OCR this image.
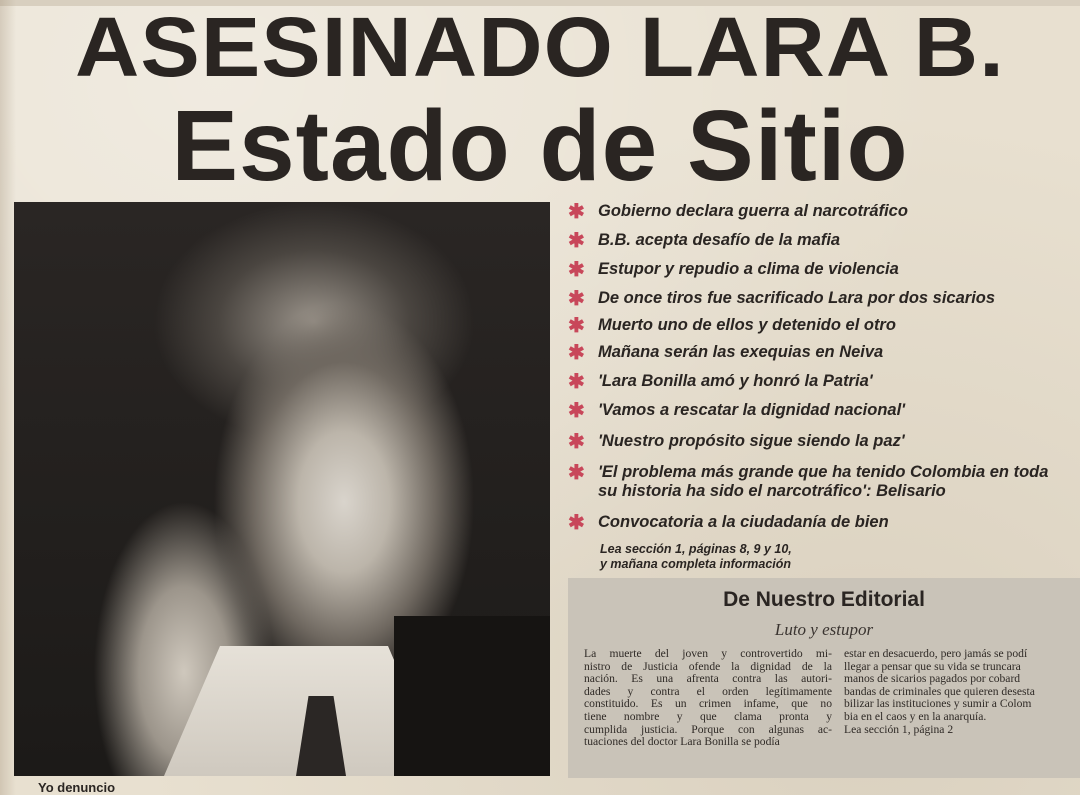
ASESINADO LARA B.
Estado de Sitio
✱ Gobierno declara guerra al narcotráfico
✱ B.B. acepta desafío de la mafia
✱ Estupor y repudio a clima de violencia
✱ De once tiros fue sacrificado Lara por dos sicarios
✱ Muerto uno de ellos y detenido el otro
✱ Mañana serán las exequias en Neiva
✱ 'Lara Bonilla amó y honró la Patria'
✱ 'Vamos a rescatar la dignidad nacional'
✱ 'Nuestro propósito sigue siendo la paz'
✱ 'El problema más grande que ha tenido Colombia en toda su historia ha sido el narcotráfico': Belisario
✱ Convocatoria a la ciudadanía de bien
Lea sección 1, páginas 8, 9 y 10,
y mañana completa información
De Nuestro Editorial
Luto y estupor
La muerte del joven y controvertido mi-
nistro de Justicia ofende la dignidad de la
nación. Es una afrenta contra las autori-
dades y contra el orden legítimamente
constituido. Es un crimen infame, que no
tiene nombre y que clama pronta y
cumplida justicia. Porque con algunas ac-
tuaciones del doctor Lara Bonilla se podía
estar en desacuerdo, pero jamás se podí
llegar a pensar que su vida se truncara
manos de sicarios pagados por cobard
bandas de criminales que quieren desesta
bilizar las instituciones y sumir a Colom
bia en el caos y en la anarquía.
Lea sección 1, página 2
Yo denuncio
